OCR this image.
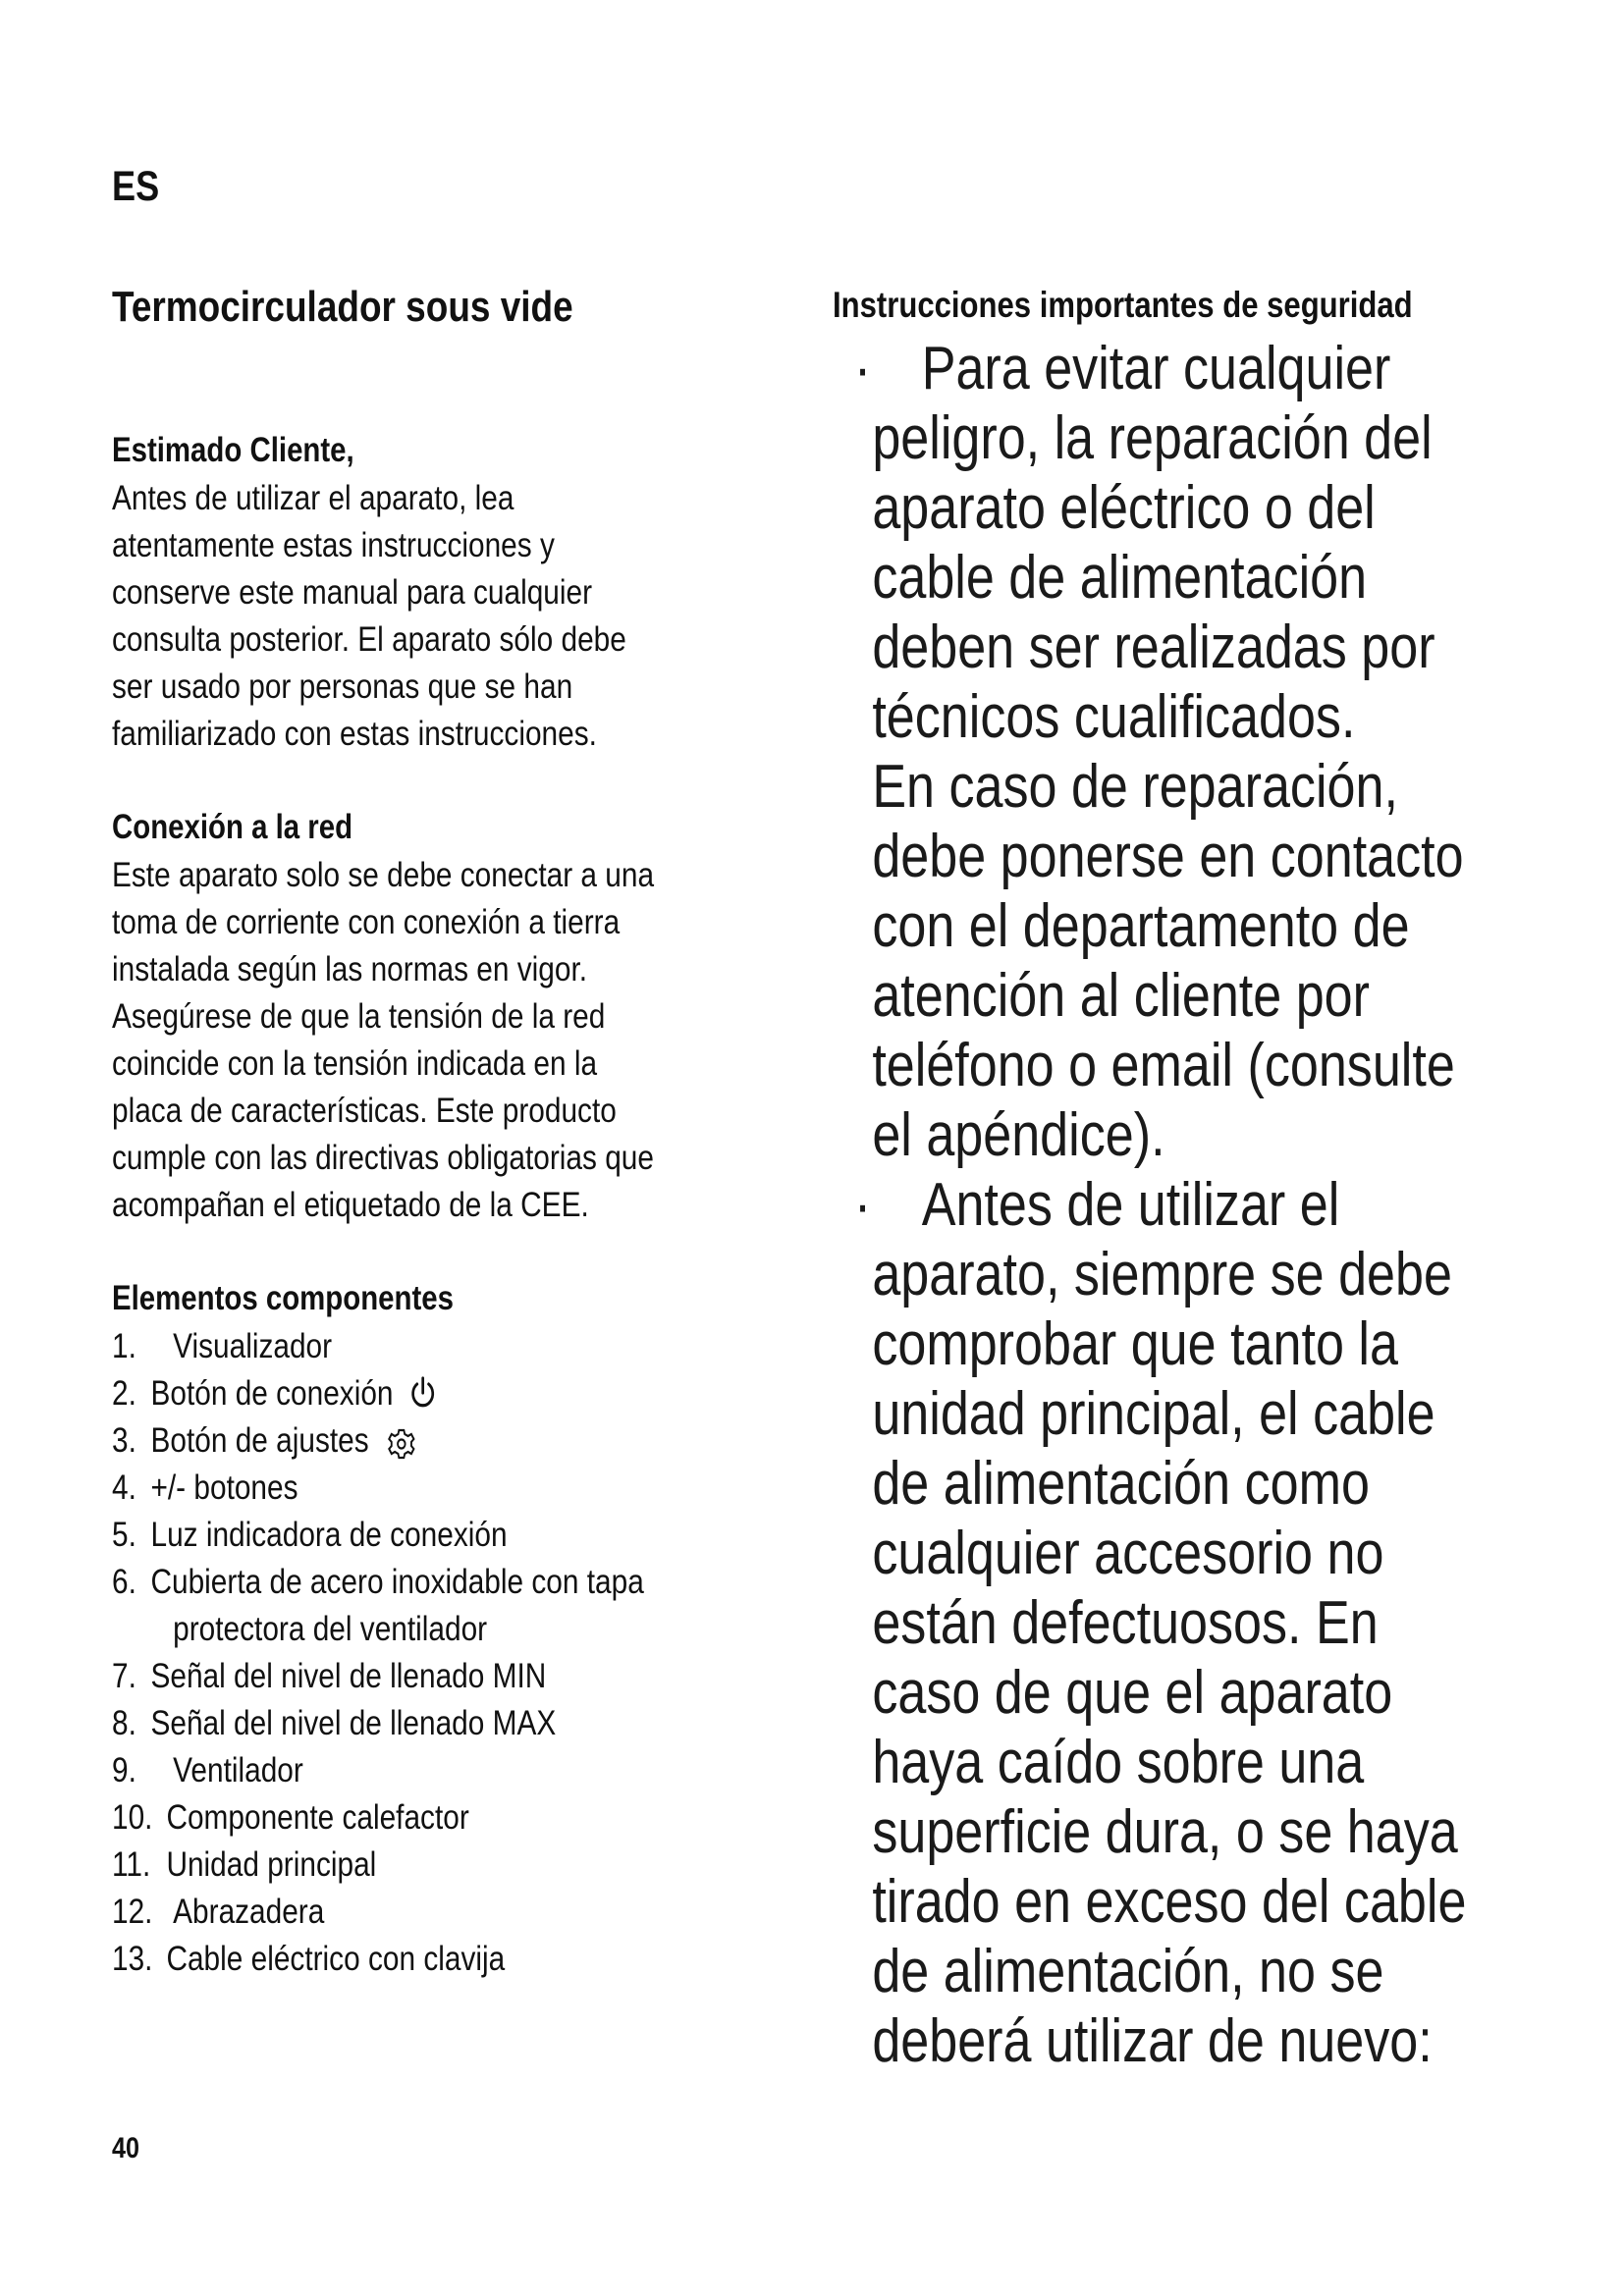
ES
Termocirculador sous vide
Estimado Cliente,
Antes de utilizar el aparato, lea
atentamente estas instrucciones y
conserve este manual para cualquier
consulta posterior. El aparato sólo debe
ser usado por personas que se han
familiarizado con estas instrucciones.
Conexión a la red
Este aparato solo se debe conectar a una
toma de corriente con conexión a tierra
instalada según las normas en vigor.
Asegúrese de que la tensión de la red
coincide con la tensión indicada en la
placa de características. Este producto
cumple con las directivas obligatorias que
acompañan el etiquetado de la CEE.
Elementos componentes
1. Visualizador
2. Botón de conexión
3. Botón de ajustes
4. +/- botones
5. Luz indicadora de conexión
6. Cubierta de acero inoxidable con tapa
protectora del ventilador
7. Señal del nivel de llenado MIN
8. Señal del nivel de llenado MAX
9. Ventilador
10. Componente calefactor
11. Unidad principal
12. Abrazadera
13. Cable eléctrico con clavija
Instrucciones importantes de seguridad
· Para evitar cualquier
peligro, la reparación del
aparato eléctrico o del
cable de alimentación
deben ser realizadas por
técnicos cualificados.
En caso de reparación,
debe ponerse en contacto
con el departamento de
atención al cliente por
teléfono o email (consulte
el apéndice).
· Antes de utilizar el
aparato, siempre se debe
comprobar que tanto la
unidad principal, el cable
de alimentación como
cualquier accesorio no
están defectuosos. En
caso de que el aparato
haya caído sobre una
superficie dura, o se haya
tirado en exceso del cable
de alimentación, no se
deberá utilizar de nuevo:
40
